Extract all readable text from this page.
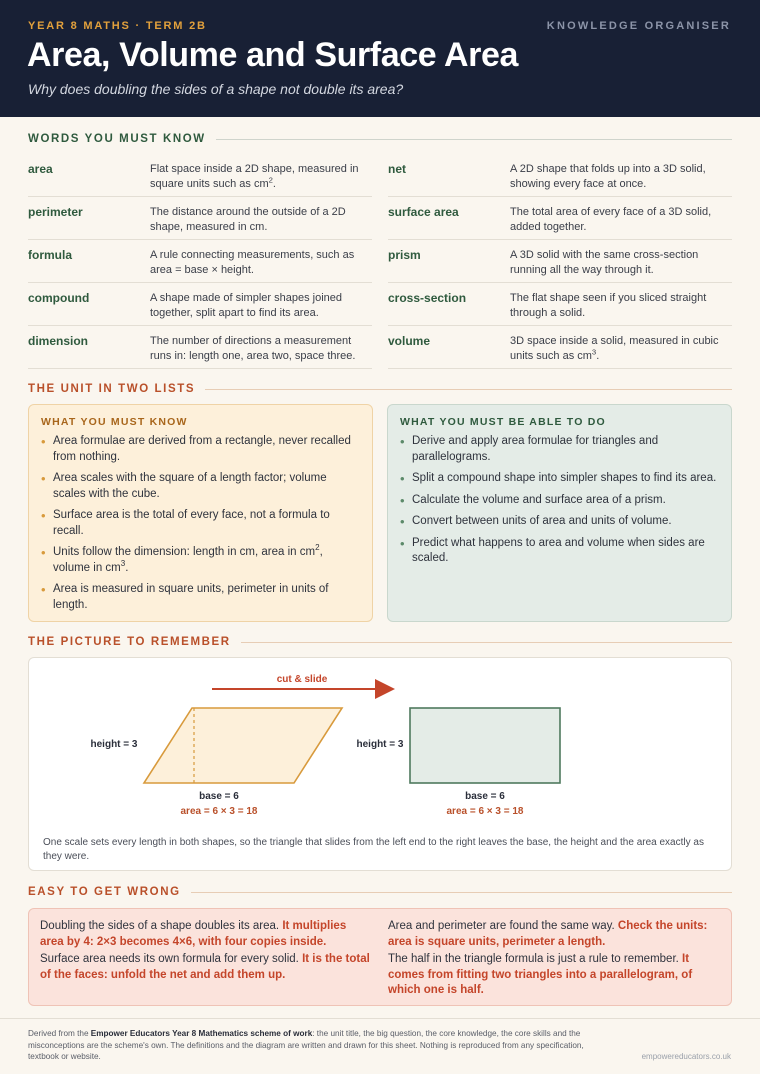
YEAR 8 MATHS · TERM 2B	KNOWLEDGE ORGANISER
Area, Volume and Surface Area
Why does doubling the sides of a shape not double its area?
WORDS YOU MUST KNOW
area	Flat space inside a 2D shape, measured in square units such as $cm^2$.
net	A 2D shape that folds up into a 3D solid, showing every face at once.
perimeter	The distance around the outside of a 2D shape, measured in cm.
surface area	The total area of every face of a 3D solid, added together.
formula	A rule connecting measurements, such as area = base × height.
prism	A 3D solid with the same cross-section running all the way through it.
compound	A shape made of simpler shapes joined together, split apart to find its area.
cross-section	The flat shape seen if you sliced straight through a solid.
dimension	The number of directions a measurement runs in: length one, area two, space three.
volume	3D space inside a solid, measured in cubic units such as $cm^3$.
THE UNIT IN TWO LISTS
WHAT YOU MUST KNOW
• Area formulae are derived from a rectangle, never recalled from nothing.
• Area scales with the square of a length factor; volume scales with the cube.
• Surface area is the total of every face, not a formula to recall.
• Units follow the dimension: length in cm, area in $cm^2$, volume in $cm^3$.
• Area is measured in square units, perimeter in units of length.
WHAT YOU MUST BE ABLE TO DO
• Derive and apply area formulae for triangles and parallelograms.
• Split a compound shape into simpler shapes to find its area.
• Calculate the volume and surface area of a prism.
• Convert between units of area and units of volume.
• Predict what happens to area and volume when sides are scaled.
THE PICTURE TO REMEMBER
cut & slide
height = 3
base = 6
area = 6 × 3 = 18
height = 3
base = 6
area = 6 × 3 = 18
One scale sets every length in both shapes, so the triangle that slides from the left end to the right leaves the base, the height and the area exactly as they were.
EASY TO GET WRONG
Doubling the sides of a shape doubles its area. It multiplies area by 4: 2×3 becomes 4×6, with four copies inside.
Area and perimeter are found the same way. Check the units: area is square units, perimeter a length.
Surface area needs its own formula for every solid. It is the total of the faces: unfold the net and add them up.
The half in the triangle formula is just a rule to remember. It comes from fitting two triangles into a parallelogram, of which one is half.
Derived from the Empower Educators Year 8 Mathematics scheme of work: the unit title, the big question, the core knowledge, the core skills and the misconceptions are the scheme's own. The definitions and the diagram are written and drawn for this sheet. Nothing is reproduced from any specification, textbook or website.	empowereducators.co.uk
